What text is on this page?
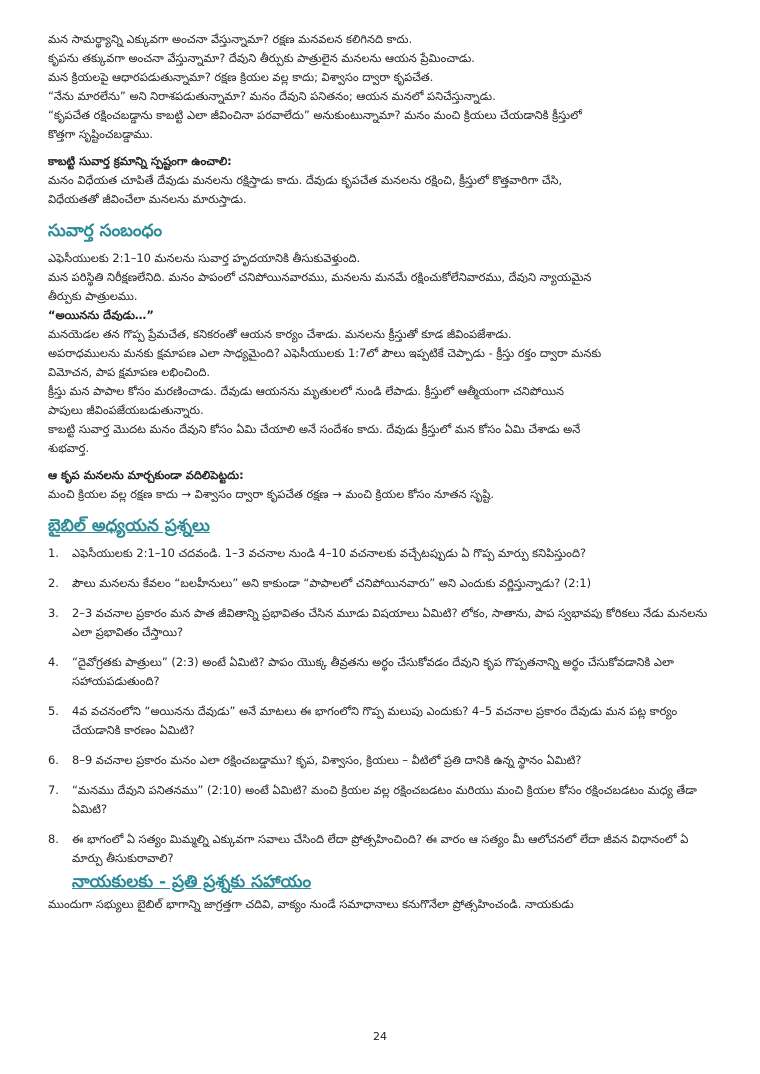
మన సామర్థ్యాన్ని ఎక్కువగా అంచనా వేస్తున్నామా? రక్షణ మనవలన కలిగినది కాదు.

కృపను తక్కువగా అంచనా వేస్తున్నామా? దేవుని తీర్పుకు పాత్రులైన మనలను ఆయన ప్రేమించాడు.

మన క్రియలపై ఆధారపడుతున్నామా? రక్షణ క్రియల వల్ల కాదు; విశ్వాసం ద్వారా కృపచేత.

“నేను మారలేను” అని నిరాశపడుతున్నామా? మనం దేవుని పనితనం; ఆయన మనలో పనిచేస్తున్నాడు.

“కృపచేత రక్షించబడ్డాను కాబట్టి ఎలా జీవించినా పరవాలేదు” అనుకుంటున్నామా? మనం మంచి క్రియలు చేయడానికి క్రీస్తులో

కొత్తగా సృష్టించబడ్డాము.

కాబట్టి సువార్త క్రమాన్ని స్పష్టంగా ఉంచాలి:

మనం విధేయత చూపితే దేవుడు మనలను రక్షిస్తాడు కాదు. దేవుడు కృపచేత మనలను రక్షించి, క్రీస్తులో కొత్తవారిగా చేసి,

విధేయతతో జీవించేలా మనలను మారుస్తాడు.

సువార్త సంబంధం

ఎఫెసీయులకు 2:1–10 మనలను సువార్త హృదయానికి తీసుకువెళ్తుంది.

మన పరిస్థితి నిరీక్షణలేనిది. మనం పాపంలో చనిపోయినవారము, మనలను మనమే రక్షించుకోలేనివారము, దేవుని న్యాయమైన

తీర్పుకు పాత్రులము.

“అయినను దేవుడు…”

మనయెడల తన గొప్ప ప్రేమచేత, కనికరంతో ఆయన కార్యం చేశాడు. మనలను క్రీస్తుతో కూడ జీవింపజేశాడు.

అపరాధములను మనకు క్షమాపణ ఎలా సాధ్యమైంది? ఎఫెసీయులకు 1:7లో పౌలు ఇప్పటికే చెప్పాడు - క్రీస్తు రక్తం ద్వారా మనకు

విమోచన, పాప క్షమాపణ లభించింది.

క్రీస్తు మన పాపాల కోసం మరణించాడు. దేవుడు ఆయనను మృతులలో నుండి లేపాడు. క్రీస్తులో ఆత్మీయంగా చనిపోయిన

పాపులు జీవింపజేయబడుతున్నారు.

కాబట్టి సువార్త మొదట మనం దేవుని కోసం ఏమి చేయాలి అనే సందేశం కాదు. దేవుడు క్రీస్తులో మన కోసం ఏమి చేశాడు అనే

శుభవార్త.

ఆ కృప మనలను మార్చకుండా వదిలిపెట్టదు:

మంచి క్రియల వల్ల రక్షణ కాదు → విశ్వాసం ద్వారా కృపచేత రక్షణ → మంచి క్రియల కోసం నూతన సృష్టి.

బైబిల్ అధ్యయన ప్రశ్నలు
1. ఎఫెసీయులకు 2:1–10 చదవండి. 1–3 వచనాల నుండి 4–10 వచనాలకు వచ్చేటప్పుడు ఏ గొప్ప మార్పు కనిపిస్తుంది?
2. పౌలు మనలను కేవలం “బలహీనులు” అని కాకుండా “పాపాలలో చనిపోయినవారు” అని ఎందుకు వర్ణిస్తున్నాడు? (2:1)
3. 2–3 వచనాల ప్రకారం మన పాత జీవితాన్ని ప్రభావితం చేసిన మూడు విషయాలు ఏమిటి? లోకం, సాతాను, పాప స్వభావపు కోరికలు నేడు మనలను ఎలా ప్రభావితం చేస్తాయి?
4. “దైవోగ్రతకు పాత్రులు” (2:3) అంటే ఏమిటి? పాపం యొక్క తీవ్రతను అర్థం చేసుకోవడం దేవుని కృప గొప్పతనాన్ని అర్థం చేసుకోవడానికి ఎలా సహాయపడుతుంది?
5. 4వ వచనంలోని “అయినను దేవుడు” అనే మాటలు ఈ భాగంలోని గొప్ప మలుపు ఎందుకు? 4–5 వచనాల ప్రకారం దేవుడు మన పట్ల కార్యం చేయడానికి కారణం ఏమిటి?
6. 8–9 వచనాల ప్రకారం మనం ఎలా రక్షించబడ్డాము? కృప, విశ్వాసం, క్రియలు – వీటిలో ప్రతి దానికి ఉన్న స్థానం ఏమిటి?
7. “మనము దేవుని పనితనము” (2:10) అంటే ఏమిటి? మంచి క్రియల వల్ల రక్షించబడటం మరియు మంచి క్రియల కోసం రక్షించబడటం మధ్య తేడా ఏమిటి?
8. ఈ భాగంలో ఏ సత్యం మిమ్మల్ని ఎక్కువగా సవాలు చేసింది లేదా ప్రోత్సహించింది? ఈ వారం ఆ సత్యం మీ ఆలోచనలో లేదా జీవన విధానంలో ఏ మార్పు తీసుకురావాలి?
నాయకులకు - ప్రతి ప్రశ్నకు సహాయం

ముందుగా సభ్యులు బైబిల్ భాగాన్ని జాగ్రత్తగా చదివి, వాక్యం నుండే సమాధానాలు కనుగొనేలా ప్రోత్సహించండి. నాయకుడు

24
